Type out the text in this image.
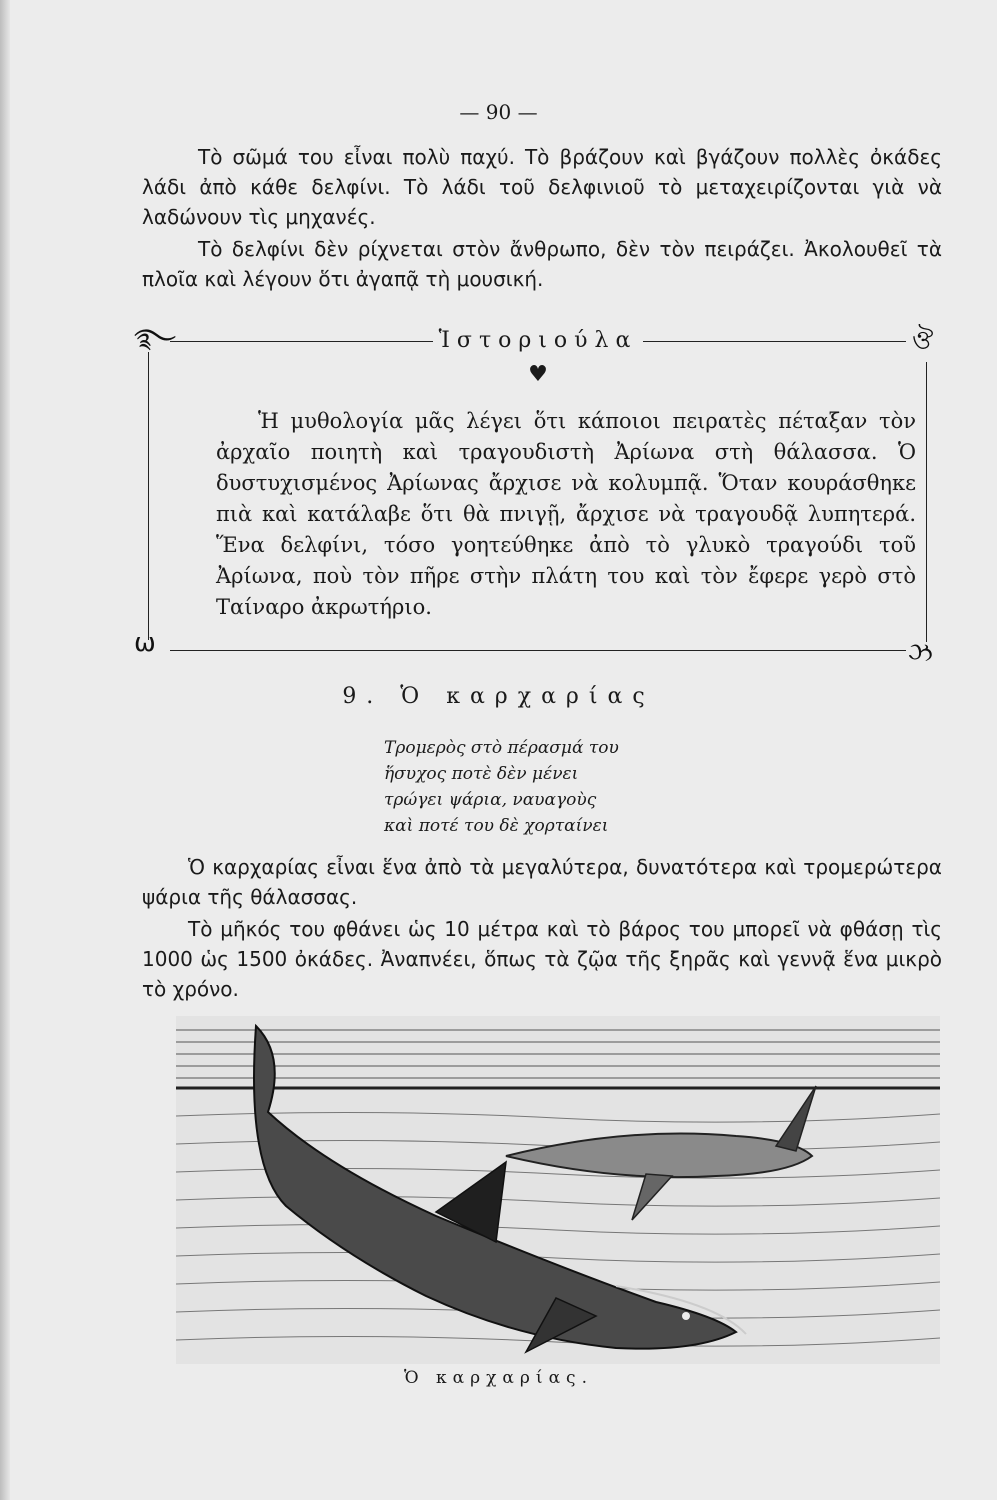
— 90 —

Τὸ σῶμά του εἶναι πολὺ παχύ. Τὸ βράζουν καὶ βγάζουν πολλὲς ὀκάδες λάδι ἀπὸ κάθε δελφίνι. Τὸ λάδι τοῦ δελφινιοῦ τὸ μεταχειρίζονται γιὰ νὰ λαδώνουν τὶς μηχανές.

Τὸ δελφίνι δὲν ρίχνεται στὸν ἄνθρωπο, δὲν τὸν πειράζει. Ἀκολουθεῖ τὰ πλοῖα καὶ λέγουν ὅτι ἀγαπᾷ τὴ μουσική.

࿐	ঔ
ω	ઝ
Ἱστοριούλα
♥

Ἡ μυθολογία μᾶς λέγει ὅτι κάποιοι πειρατὲς πέταξαν τὸν ἀρχαῖο ποιητὴ καὶ τραγουδιστὴ Ἀρίωνα στὴ θάλασσα. Ὁ δυστυχισμένος Ἀρίωνας ἄρχισε νὰ κολυμπᾷ. Ὅταν κουράσθηκε πιὰ καὶ κατάλαβε ὅτι θὰ πνιγῇ, ἄρχισε νὰ τραγουδᾷ λυπητερά. Ἕνα δελφίνι, τόσο γοητεύθηκε ἀπὸ τὸ γλυκὸ τραγούδι τοῦ Ἀρίωνα, ποὺ τὸν πῆρε στὴν πλάτη του καὶ τὸν ἔφερε γερὸ στὸ Ταίναρο ἀκρωτήριο.

9. Ὁ καρχαρίας
Τρομερὸς στὸ πέρασμά του
ἥσυχος ποτὲ δὲν μένει
τρώγει ψάρια, ναυαγοὺς
καὶ ποτέ του δὲ χορταίνει

Ὁ καρχαρίας εἶναι ἕνα ἀπὸ τὰ μεγαλύτερα, δυνατότερα καὶ τρομερώτερα ψάρια τῆς θάλασσας.

Τὸ μῆκός του φθάνει ὡς 10 μέτρα καὶ τὸ βάρος του μπορεῖ νὰ φθάσῃ τὶς 1000 ὡς 1500 ὀκάδες. Ἀναπνέει, ὅπως τὰ ζῷα τῆς ξηρᾶς καὶ γεννᾷ ἕνα μικρὸ τὸ χρόνο.

Ὁ καρχαρίας.
